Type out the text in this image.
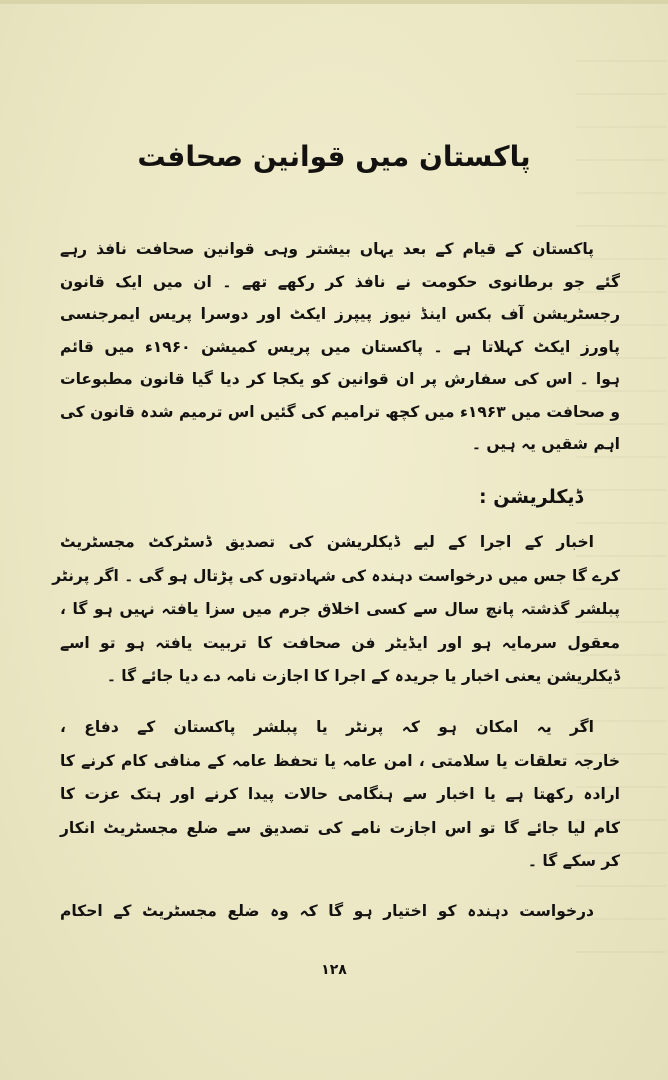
پاکستان میں قوانین صحافت
پاکستان کے قیام کے بعد یہاں بیشتر وہی قوانین صحافت نافذ رہے
گئے جو برطانوی حکومت نے نافذ کر رکھے تھے ۔ ان میں ایک قانون
رجسٹریشن آف بکس اینڈ نیوز پیپرز ایکٹ اور دوسرا پریس ایمرجنسی
پاورز ایکٹ کہلاتا ہے ۔ پاکستان میں پریس کمیشن ۱۹۶۰ء میں قائم
ہوا ۔ اس کی سفارش پر ان قوانین کو یکجا کر دیا گیا قانون مطبوعات
و صحافت میں ۱۹۶۳ء میں کچھ ترامیم کی گئیں اس ترمیم شدہ قانون کی
اہم شقیں یہ ہیں ۔
ڈیکلریشن :
اخبار کے اجرا کے لیے ڈیکلریشن کی تصدیق ڈسٹرکٹ مجسٹریٹ
کرے گا جس میں درخواست دہندہ کی شہادتوں کی پڑتال ہو گی ۔ اگر پرنٹر
پبلشر گذشتہ پانچ سال سے کسی اخلاق جرم میں سزا یافتہ نہیں ہو گا ،
معقول سرمایہ ہو اور ایڈیٹر فن صحافت کا تربیت یافتہ ہو تو اسے
ڈیکلریشن یعنی اخبار یا جریدہ کے اجرا کا اجازت نامہ دے دیا جائے گا ۔
اگر یہ امکان ہو کہ پرنٹر یا پبلشر پاکستان کے دفاع ،
خارجہ تعلقات یا سلامتی ، امن عامہ یا تحفظ عامہ کے منافی کام کرنے کا
ارادہ رکھتا ہے یا اخبار سے ہنگامی حالات پیدا کرنے اور ہتک عزت کا
کام لیا جائے گا تو اس اجازت نامے کی تصدیق سے ضلع مجسٹریٹ انکار
کر سکے گا ۔
درخواست دہندہ کو اختیار ہو گا کہ وہ ضلع مجسٹریٹ کے احکام
۱۲۸
